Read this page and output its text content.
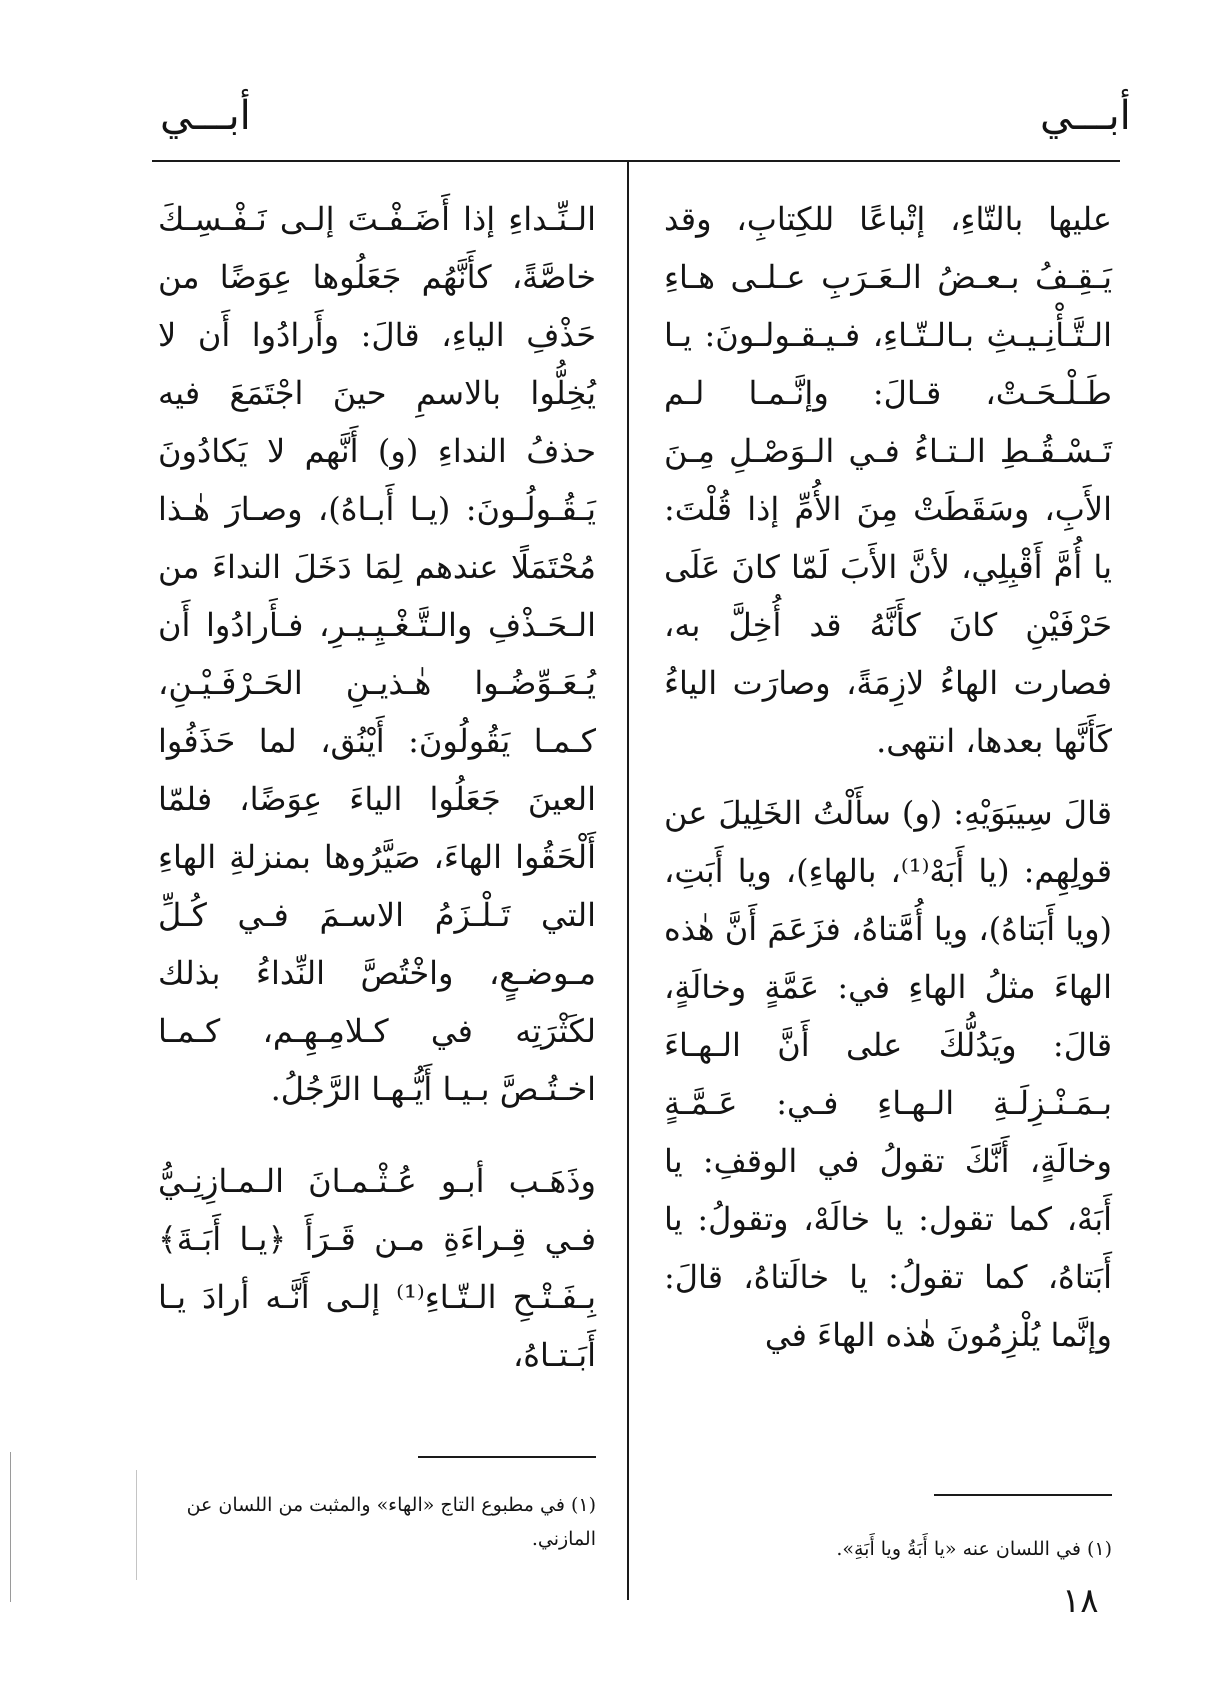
أبـــي
أبـــي

عليها بالتّاءِ، إتْباعًا للكِتابِ، وقد يَـقِـفُ بـعـضُ الـعَـرَبِ عـلـى هـاءِ الـتَّـأْنِـيـثِ بـالـتّـاءِ، فـيـقـولـونَ: يـا طَـلْـحَـتْ، قـالَ: وإنَّـمـا لـم تَـسْـقُـطِ الـتـاءُ فـي الـوَصْـلِ مِـنَ الأَبِ، وسَقَطَتْ مِنَ الأُمِّ إذا قُلْتَ: يا أُمَّ أَقْبِلِي، لأنَّ الأَبَ لَمّا كانَ عَلَى حَرْفَيْنِ كانَ كأَنَّهُ قد أُخِلَّ به، فصارت الهاءُ لازِمَةً، وصارَت الياءُ كَأَنَّها بعدها، انتهى.

قالَ سِيبَوَيْهِ: (و) سأَلْتُ الخَلِيلَ عن قولِهِم: (يا أَبَهْ⁽¹⁾، بالهاءِ)، ويا أَبَتِ، (ويا أَبَتاهُ)، ويا أُمَّتاهُ، فزَعَمَ أَنَّ هٰذه الهاءَ مثلُ الهاءِ في: عَمَّةٍ وخالَةٍ، قالَ: ويَدُلُّكَ على أَنَّ الـهـاءَ بـمَـنْـزِلَـةِ الـهـاءِ فـي: عَـمَّـةٍ وخالَةٍ، أَنَّكَ تقولُ في الوقفِ: يا أَبَهْ، كما تقول: يا خالَهْ، وتقولُ: يا أَبَتاهُ، كما تقولُ: يا خالَتاهُ، قالَ: وإنَّما يُلْزِمُونَ هٰذه الهاءَ في

الـنِّـداءِ إذا أَضَـفْـتَ إلـى نَـفْـسِـكَ خاصَّةً، كأَنَّهُم جَعَلُوها عِوَضًا من حَذْفِ الياءِ، قالَ: وأَرادُوا أَن لا يُخِلُّوا بالاسمِ حينَ اجْتَمَعَ فيه حذفُ النداءِ (و) أَنَّهم لا يَكادُونَ يَـقُـولُـونَ: (يـا أَبـاهُ)، وصـارَ هٰـذا مُحْتَمَلًا عندهم لِمَا دَخَلَ النداءَ من الـحَـذْفِ والـتَّـغْـيِـيـرِ، فـأَرادُوا أَن يُـعَـوِّضُـوا هٰـذيـنِ الحَـرْفَـيْـنِ، كـمـا يَقُولُونَ: أَيْنُق، لما حَذَفُوا العينَ جَعَلُوا الياءَ عِوَضًا، فلمّا أَلْحَقُوا الهاءَ، صَيَّرُوها بمنزلةِ الهاءِ التي تَـلْـزَمُ الاسـمَ فـي كُـلِّ مـوضـعٍ، واخْتُصَّ النِّداءُ بذلك لكَثْرَتِه في كـلامِـهِـم، كـمـا اخـتُـصَّ بـيـا أَيُّـهـا الرَّجُلُ.

وذَهَـب أبـو عُـثْـمـانَ الـمـازِنِـيُّ فـي قِـراءَةِ مـن قَـرَأَ ﴿يـا أَبَـةَ﴾ بِـفَـتْـحِ الـتّـاءِ⁽¹⁾ إلـى أَنَّـه أرادَ يـا أَبَـتـاهُ،

(١) في اللسان عنه «يا أَبَةُ ويا أَبَةِ».
(١) في مطبوع التاج «الهاء» والمثبت من اللسان عن المازني.
١٨
